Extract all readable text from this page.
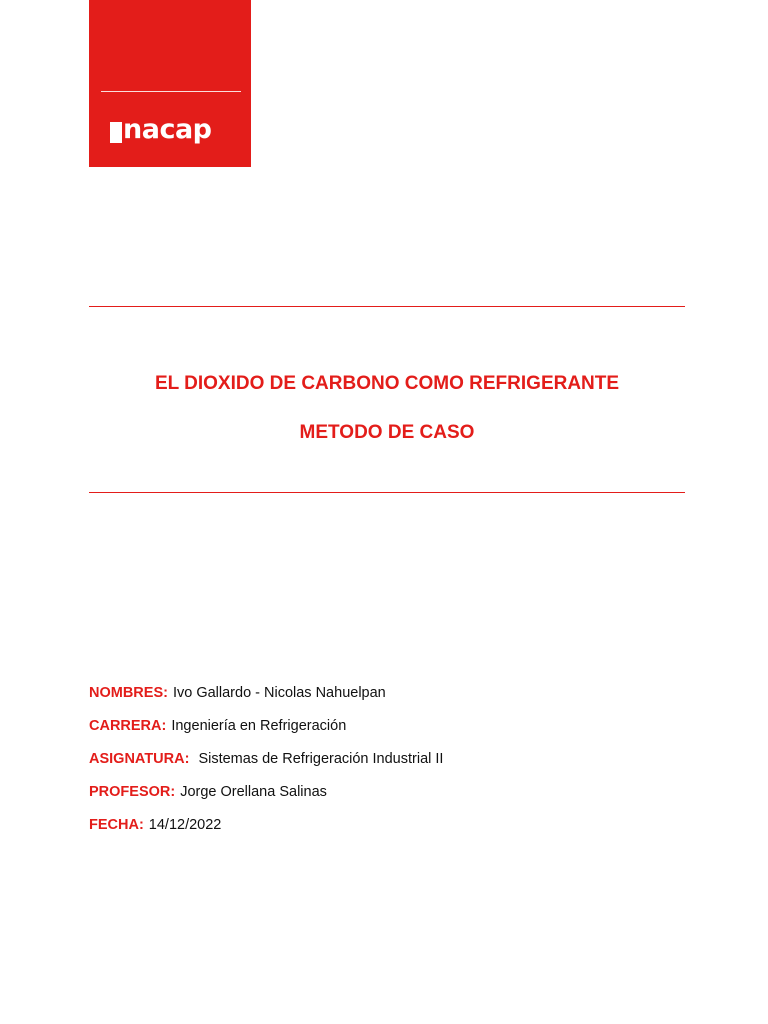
nacap
EL DIOXIDO DE CARBONO COMO REFRIGERANTE
METODO DE CASO
NOMBRES: Ivo Gallardo - Nicolas Nahuelpan
CARRERA: Ingeniería en Refrigeración
ASIGNATURA: Sistemas de Refrigeración Industrial II
PROFESOR: Jorge Orellana Salinas
FECHA: 14/12/2022
